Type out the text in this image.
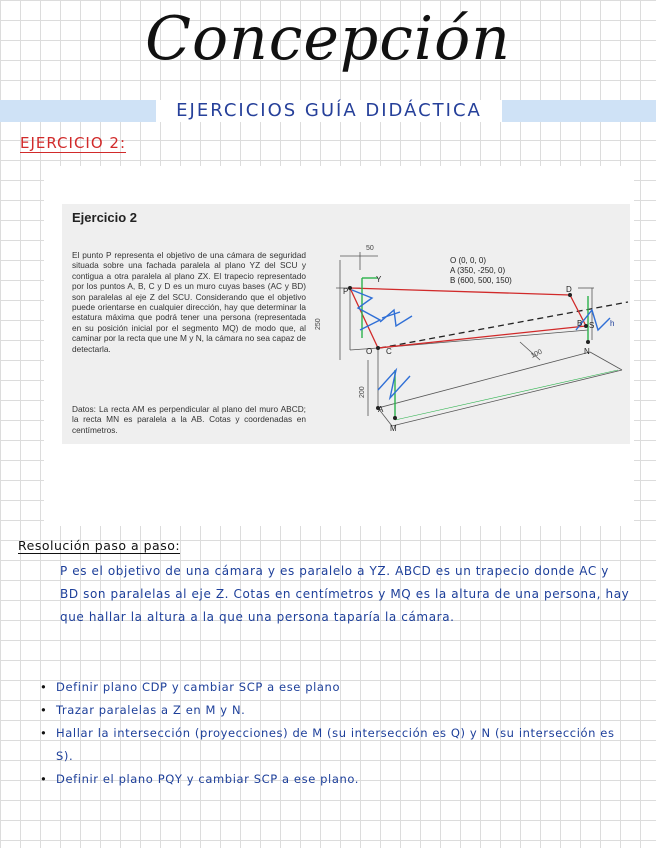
Concepción
EJERCICIOS GUÍA DIDÁCTICA
EJERCICIO 2:
Ejercicio 2
El punto P representa el objetivo de una cámara de seguridad situada sobre una fachada paralela al plano YZ del SCU y contigua a otra paralela al plano ZX. El trapecio representado por los puntos A, B, C y D es un muro cuyas bases (AC y BD) son paralelas al eje Z del SCU. Considerando que el objetivo puede orientarse en cualquier dirección, hay que determinar la estatura máxima que podrá tener una persona (representada en su posición inicial por el segmento MQ) de modo que, al caminar por la recta que une M y N, la cámara no sea capaz de detectarla.
Datos: La recta AM es perpendicular al plano del muro ABCD; la recta MN es paralela a la AB. Cotas y coordenadas en centímetros.
O (0, 0, 0)
A (350, -250, 0)
B (600, 500, 150)
P
Y
O C
A
M
D
B S
N
h
50
250
200
100
Resolución paso a paso:
P es el objetivo de una cámara y es paralelo a YZ. ABCD es un trapecio donde AC y BD son paralelas al eje Z. Cotas en centímetros y MQ es la altura de una persona, hay que hallar la altura a la que una persona taparía la cámara.
• Definir plano CDP y cambiar SCP a ese plano
• Trazar paralelas a Z en M y N.
• Hallar la intersección (proyecciones) de M (su intersección es Q) y N (su intersección es S).
• Definir el plano PQY y cambiar SCP a ese plano.
